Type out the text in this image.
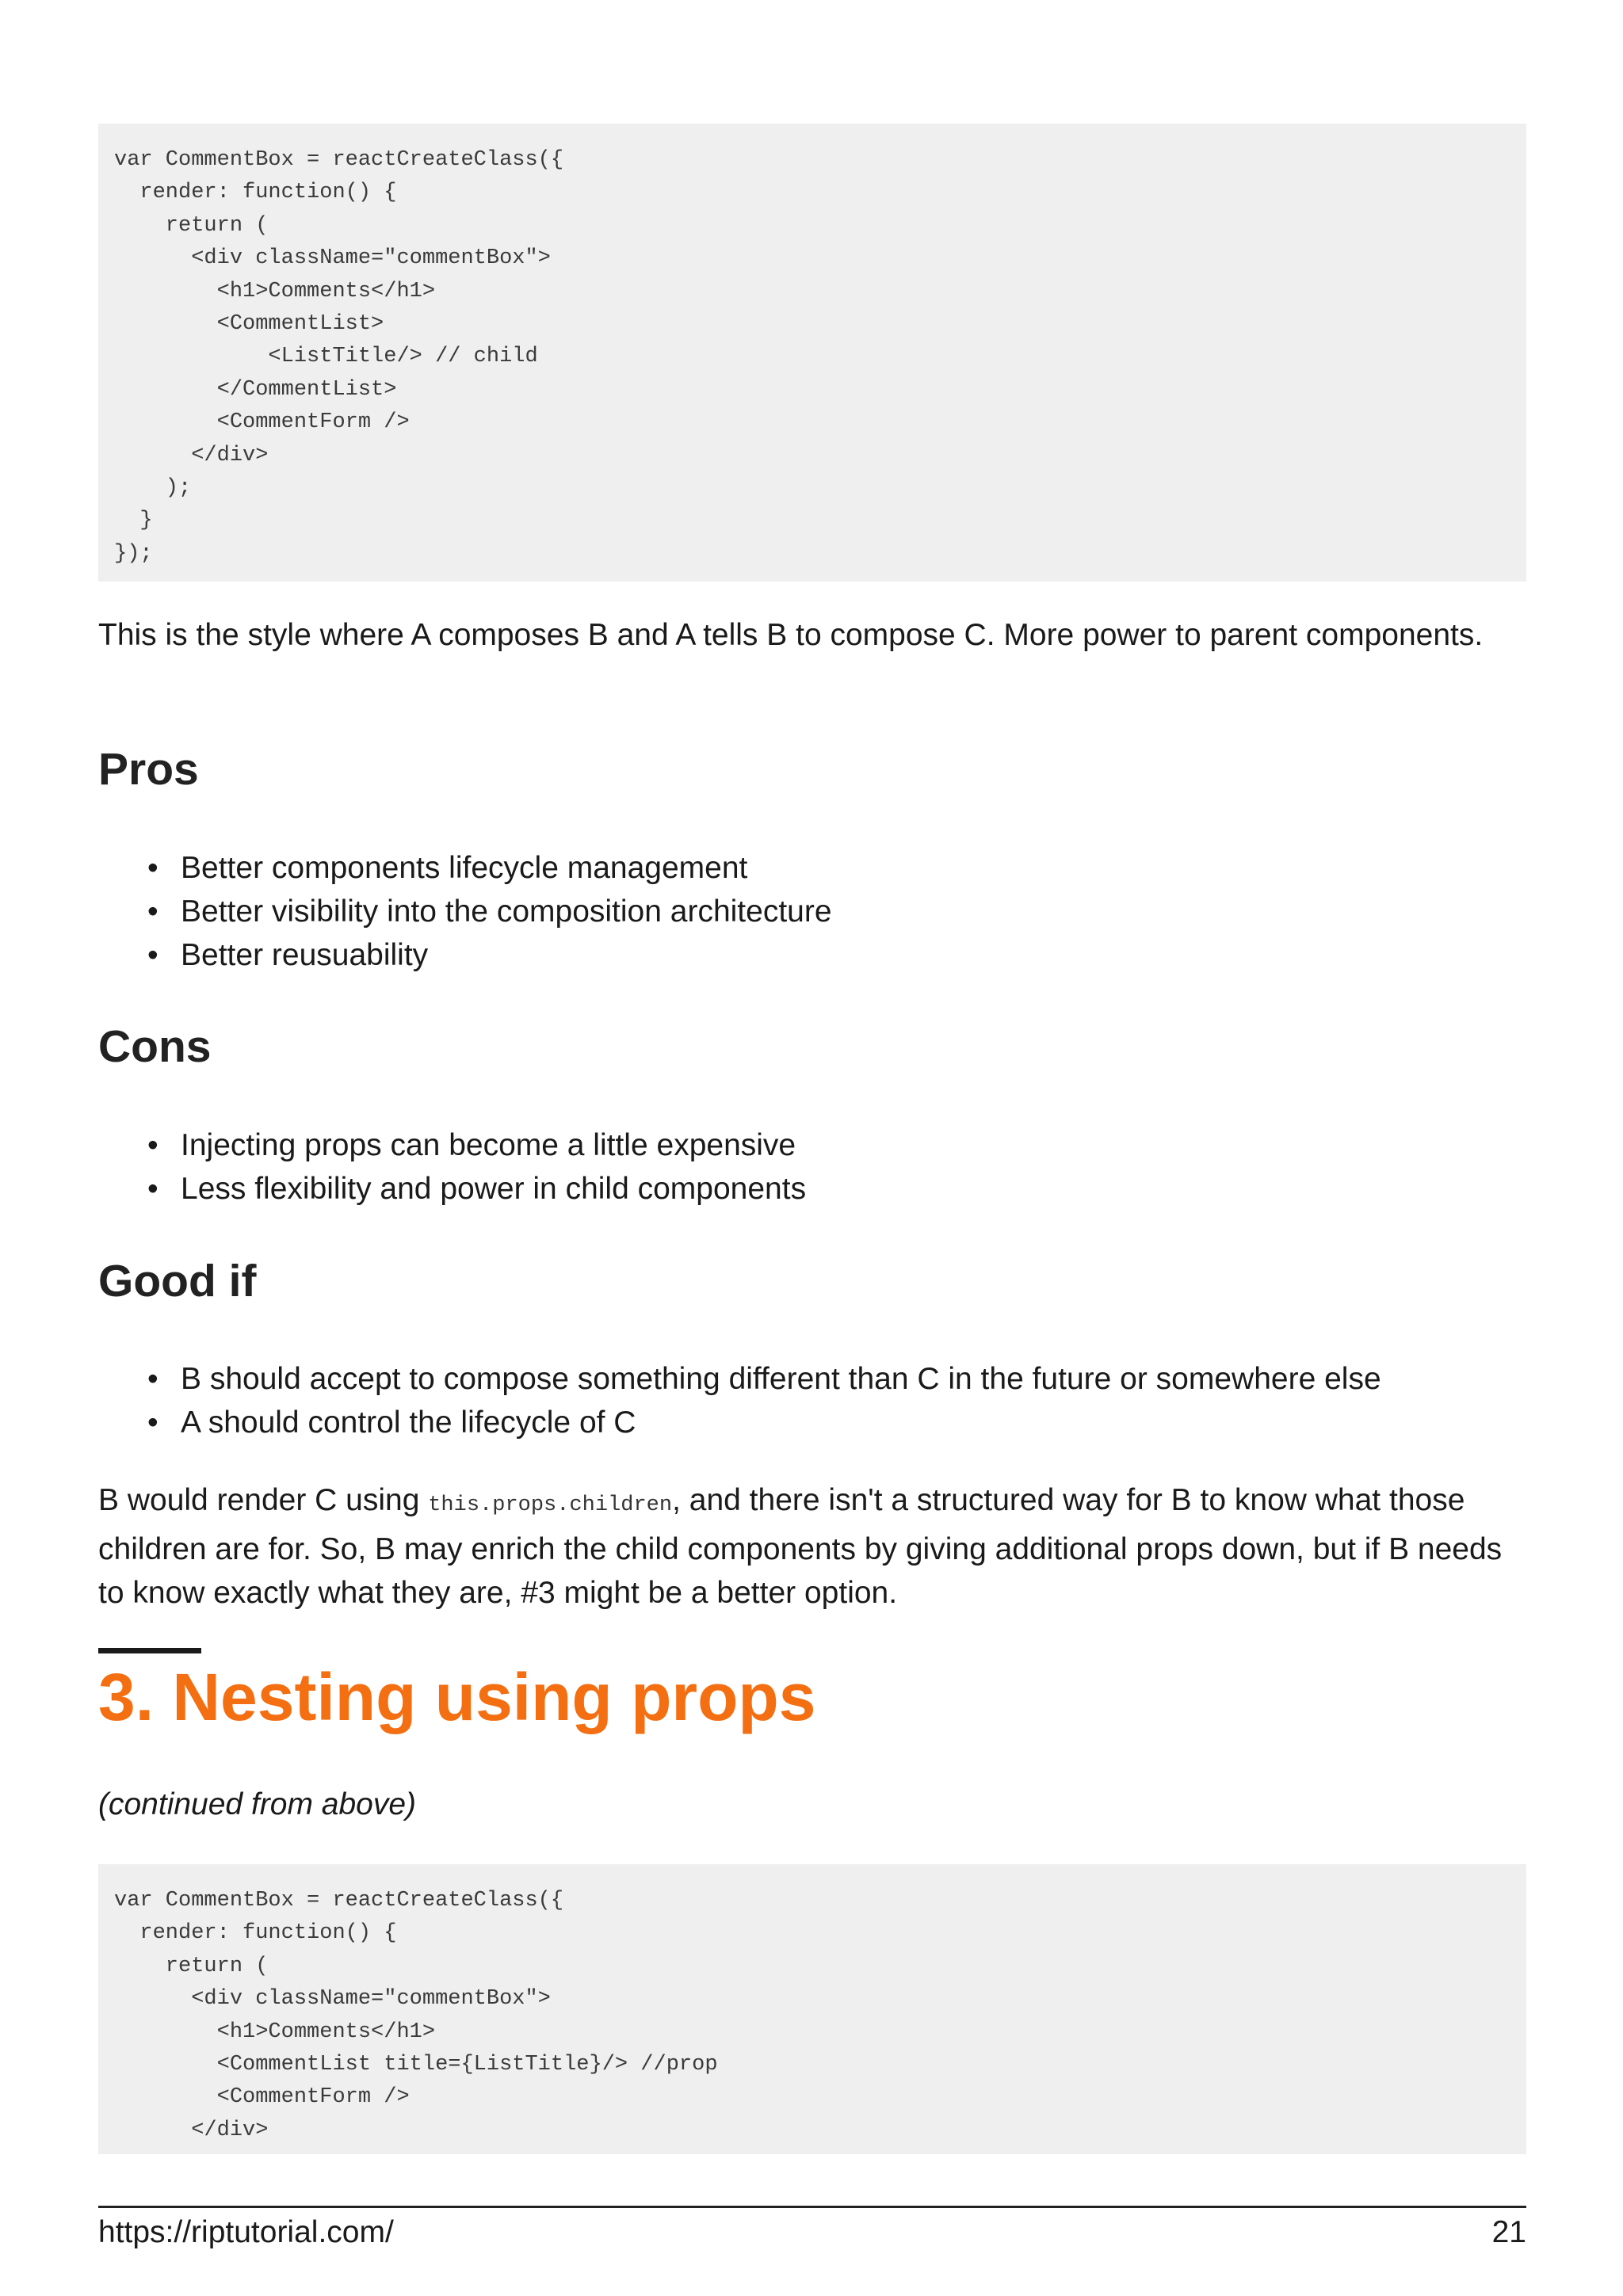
var CommentBox = reactCreateClass({
render: function() {
return (
<div className="commentBox">
<h1>Comments</h1>
<CommentList>
<ListTitle/> // child
</CommentList>
<CommentForm />
</div>
);
}
});

This is the style where A composes B and A tells B to compose C. More power to parent components.

Pros
• Better components lifecycle management
• Better visibility into the composition architecture
• Better reusuability
Cons
• Injecting props can become a little expensive
• Less flexibility and power in child components
Good if
• B should accept to compose something different than C in the future or somewhere else
• A should control the lifecycle of C

B would render C using this.props.children, and there isn't a structured way for B to know what those children are for. So, B may enrich the child components by giving additional props down, but if B needs to know exactly what they are, #3 might be a better option.

3. Nesting using props

(continued from above)

var CommentBox = reactCreateClass({
render: function() {
return (
<div className="commentBox">
<h1>Comments</h1>
<CommentList title={ListTitle}/> //prop
<CommentForm />
</div>

https://riptutorial.com/	21
